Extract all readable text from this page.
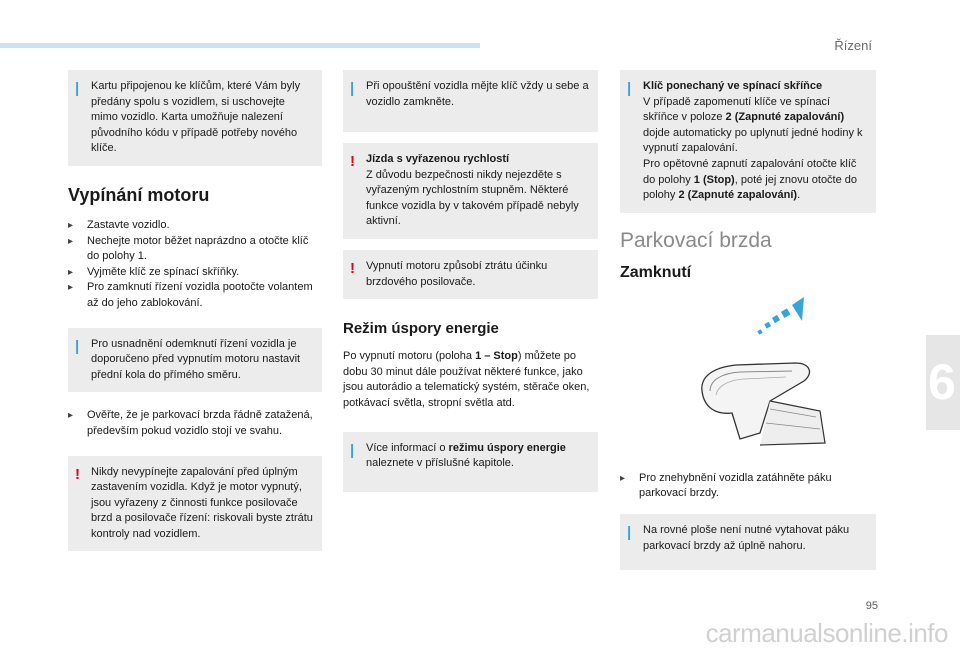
Řízení
6
95
carmanualsonline.info
| Kartu připojenou ke klíčům, které Vám byly předány spolu s vozidlem, si uschovejte mimo vozidlo. Karta umožňuje nalezení původního kódu v případě potřeby nového klíče.
Vypínání motoru
▸ Zastavte vozidlo.
▸ Nechejte motor běžet naprázdno a otočte klíč do polohy 1.
▸ Vyjměte klíč ze spínací skříňky.
▸ Pro zamknutí řízení vozidla pootočte volantem až do jeho zablokování.
| Pro usnadnění odemknutí řízení vozidla je doporučeno před vypnutím motoru nastavit přední kola do přímého směru.
▸ Ověřte, že je parkovací brzda řádně zatažená, především pokud vozidlo stojí ve svahu.
! Nikdy nevypínejte zapalování před úplným zastavením vozidla. Když je motor vypnutý, jsou vyřazeny z činnosti funkce posilovače brzd a posilovače řízení: riskovali byste ztrátu kontroly nad vozidlem.
| Při opouštění vozidla mějte klíč vždy u sebe a vozidlo zamkněte.
! Jízda s vyřazenou rychlostí
Z důvodu bezpečnosti nikdy nejezděte s vyřazeným rychlostním stupněm. Některé funkce vozidla by v takovém případě nebyly aktivní.
! Vypnutí motoru způsobí ztrátu účinku brzdového posilovače.
Režim úspory energie
Po vypnutí motoru (poloha 1 – Stop) můžete po dobu 30 minut dále používat některé funkce, jako jsou autorádio a telematický systém, stěrače oken, potkávací světla, stropní světla atd.
| Více informací o režimu úspory energie naleznete v příslušné kapitole.
| Klíč ponechaný ve spínací skříňce
V případě zapomenutí klíče ve spínací skříňce v poloze 2 (Zapnuté zapalování) dojde automaticky po uplynutí jedné hodiny k vypnutí zapalování.
Pro opětovné zapnutí zapalování otočte klíč do polohy 1 (Stop), poté jej znovu otočte do polohy 2 (Zapnuté zapalování).
Parkovací brzda
Zamknutí
▸ Pro znehybnění vozidla zatáhněte páku parkovací brzdy.
| Na rovné ploše není nutné vytahovat páku parkovací brzdy až úplně nahoru.
